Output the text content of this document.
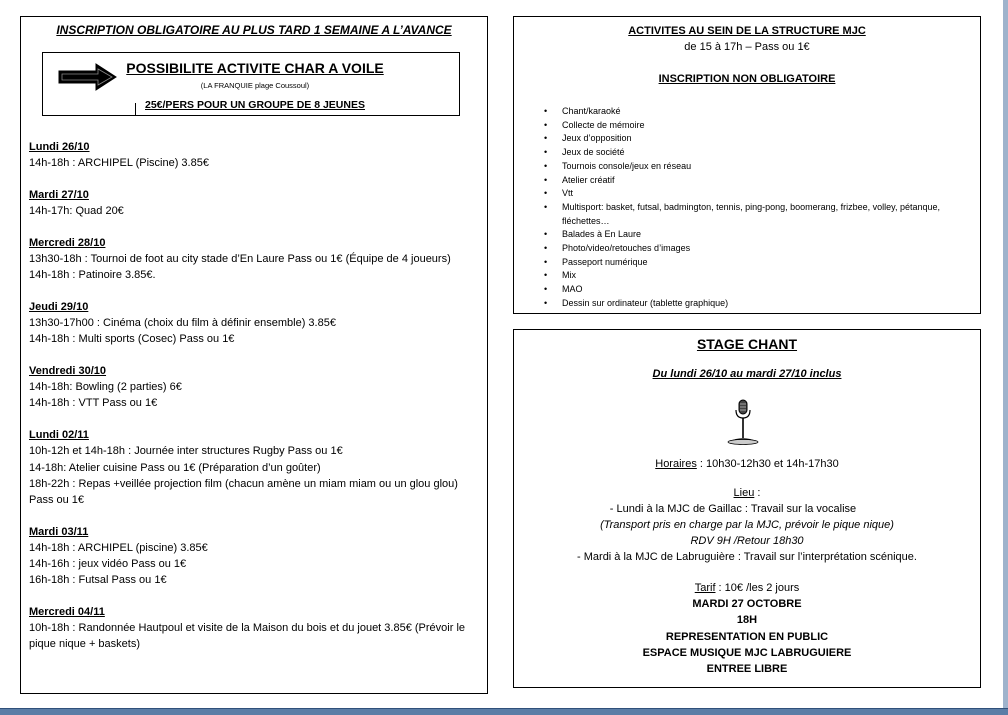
INSCRIPTION OBLIGATOIRE AU PLUS TARD 1 SEMAINE A L’AVANCE
POSSIBILITE ACTIVITE CHAR A VOILE
(LA FRANQUIE plage Coussoul)
25€/PERS POUR UN GROUPE DE 8 JEUNES
Lundi 26/10
14h-18h : ARCHIPEL (Piscine) 3.85€
Mardi 27/10
14h-17h: Quad 20€
Mercredi 28/10
13h30-18h : Tournoi de foot au city stade d’En Laure Pass ou 1€ (Équipe de 4 joueurs)
14h-18h : Patinoire 3.85€.
Jeudi 29/10
13h30-17h00 : Cinéma (choix du film à définir ensemble) 3.85€
14h-18h : Multi sports (Cosec) Pass ou 1€
Vendredi 30/10
14h-18h: Bowling (2 parties) 6€
14h-18h : VTT Pass ou 1€
Lundi 02/11
10h-12h et 14h-18h : Journée inter structures Rugby Pass ou 1€
14-18h: Atelier cuisine Pass ou 1€ (Préparation d’un goûter)
18h-22h : Repas +veillée projection film (chacun amène un miam miam ou un glou glou) Pass ou 1€
Mardi 03/11
14h-18h : ARCHIPEL (piscine) 3.85€
14h-16h : jeux vidéo Pass ou 1€
16h-18h : Futsal Pass ou 1€
Mercredi 04/11
10h-18h : Randonnée Hautpoul et visite de la Maison du bois et du jouet 3.85€ (Prévoir le pique nique + baskets)
ACTIVITES AU SEIN DE LA STRUCTURE MJC
de 15 à 17h – Pass ou 1€
INSCRIPTION NON OBLIGATOIRE
• Chant/karaoké
• Collecte de mémoire
• Jeux d’opposition
• Jeux de société
• Tournois console/jeux en réseau
• Atelier créatif
• Vtt
• Multisport: basket, futsal, badmington, tennis, ping-pong, boomerang, frizbee, volley, pétanque, fléchettes…
• Balades à En Laure
• Photo/video/retouches d’images
• Passeport numérique
• Mix
• MAO
• Dessin sur ordinateur (tablette graphique)
STAGE CHANT
Du lundi 26/10 au mardi 27/10 inclus
Horaires : 10h30-12h30 et 14h-17h30
Lieu :
- Lundi à la MJC de Gaillac : Travail sur la vocalise
(Transport pris en charge par la MJC, prévoir le pique nique)
RDV 9H /Retour 18h30
- Mardi à la MJC de Labruguière : Travail sur l’interprétation scénique.
Tarif : 10€ /les 2 jours
MARDI 27 OCTOBRE
18H
REPRESENTATION EN PUBLIC
ESPACE MUSIQUE MJC LABRUGUIERE
ENTREE LIBRE
